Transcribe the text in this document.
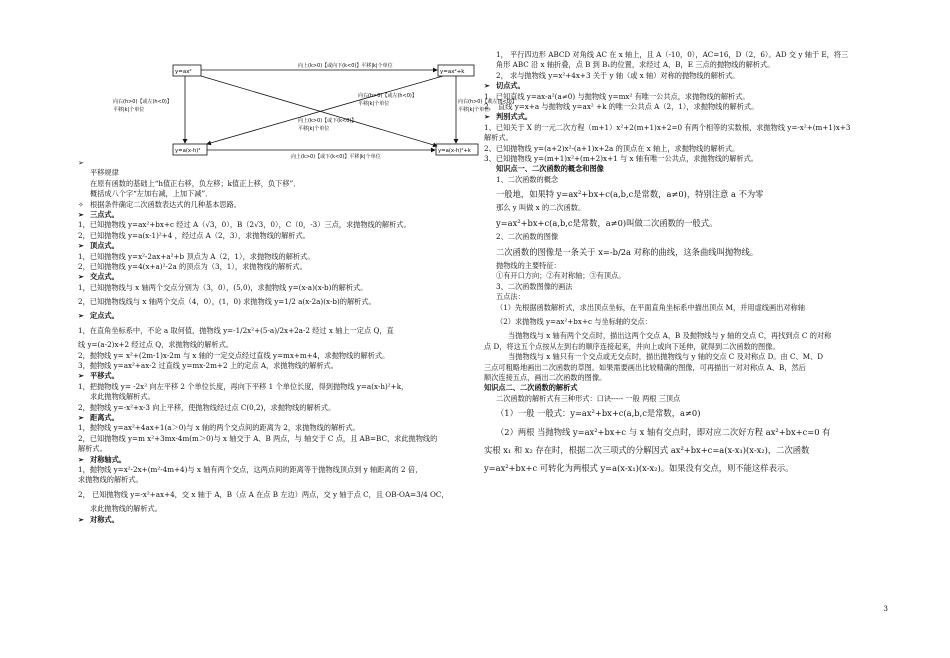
y=ax²	y=ax²+k
y=a(x-h)²	y=a(x-h)²+k
向上(k>0)【或向下(k<0)】平移|k|个单位
向右(h>0)【或左(h<0)】
平移|k|个单位
向右(h>0)【或左(h<0)】
平移|k|个单位
向上(k>0)【或下(k<0)】
平移|k|个单位
向右(h>0)【或左(h<0)】
平移|k|个单位
向上(k>0)【或下(k<0)】平移|k|个单位
➢
平移规律
在原有函数的基础上“h值正右移，负左移；k值正上移，负下移”．
概括成八个字“左加右减，上加下减”．
✧ 根据条件确定二次函数表达式的几种基本思路。
➢ 三点式。
1，已知抛物线 y=ax²+bx+c 经过 A（√3，0），B（2√3，0），C（0，-3）三点，求抛物线的解析式。
2，已知抛物线 y=a(x-1)²+4 ，经过点 A（2，3），求抛物线的解析式。
➢ 顶点式。
1，已知抛物线 y=x²-2ax+a²+b 顶点为 A（2，1），求抛物线的解析式。
2，已知抛物线 y=4(x+a)²-2a 的顶点为（3，1），求抛物线的解析式。
➢ 交点式。
1，已知抛物线与 x 轴两个交点分别为（3，0），(5,0)，求抛物线 y=(x-a)(x-b)的解析式。
2，已知抛物线线与 x 轴两个交点（4，0），(1，0) 求抛物线 y=1/2 a(x-2a)(x-b)的解析式。
➢ 定点式。
1，在直角坐标系中，不论 a 取何值，抛物线 y=-1/2x²+(5-a)/2x+2a-2 经过 x 轴上一定点 Q，直
线 y=(a-2)x+2 经过点 Q，求抛物线的解析式。
2，抛物线 y= x²+(2m-1)x-2m 与 x 轴的一定交点经过直线 y=mx+m+4，求抛物线的解析式。
3，抛物线 y=ax²+ax-2 过直线 y=mx-2m+2 上的定点 A，求抛物线的解析式。
➢ 平移式。
1，把抛物线 y= -2x² 向左平移 2 个单位长度，再向下平移 1 个单位长度，得到抛物线 y=a(x-h)²+k，
求此抛物线解析式。
2，抛物线 y=-x²+x-3 向上平移，使抛物线经过点 C(0,2)，求抛物线的解析式。
➢ 距离式。
1，抛物线 y=ax²+4ax+1(a＞0)与 x 轴的两个交点间的距离为 2，求抛物线的解析式。
2，已知抛物线 y=m x²+3mx-4m(m＞0)与 x 轴交于 A、B 两点，与 轴交于 C 点，且 AB=BC，求此抛物线的
解析式。
➢ 对称轴式。
1，抛物线 y=x²-2x+(m²-4m+4)与 x 轴有两个交点，这两点间的距离等于抛物线顶点到 y 轴距离的 2 倍，
求抛物线的解析式。
2， 已知抛物线 y=-x²+ax+4，交 x 轴于 A，B（点 A 在点 B 左边）两点，交 y 轴于点 C，且 OB-OA=3/4 OC，
求此抛物线的解析式。
➢ 对称式。
1， 平行四边形 ABCD 对角线 AC 在 x 轴上，且 A（-10，0），AC=16，D（2，6）。AD 交 y 轴于 E，将三
角形 ABC 沿 x 轴折叠，点 B 到 B₁的位置，求经过 A，B，E 三点的抛物线的解析式。
2， 求与抛物线 y=x²+4x+3 关于 y 轴（或 x 轴）对称的抛物线的解析式。
➢ 切点式。
1，已知直线 y=ax-a²(a≠0) 与抛物线 y=mx² 有唯一公共点，求抛物线的解析式。
2， 直线 y=x+a 与抛物线 y=ax² +k 的唯一公共点 A（2，1），求抛物线的解析式。
➢ 判别式式。
1、已知关于 X 的一元二次方程（m+1）x²+2(m+1)x+2=0 有两个相等的实数根，求抛物线 y=-x²+(m+1)x+3
解析式。
2、已知抛物线 y=(a+2)x²-(a+1)x+2a 的顶点在 x 轴上，求抛物线的解析式。
3、已知抛物线 y=(m+1)x²+(m+2)x+1 与 x 轴有唯一公共点，求抛物线的解析式。
知识点一、二次函数的概念和图像
1、二次函数的概念
一般地，如果特 y=ax²+bx+c(a,b,c是常数，a≠0)，特别注意 a 不为零
那么 y 叫做 x 的二次函数。
y=ax²+bx+c(a,b,c是常数，a≠0)叫做二次函数的一般式。
2、二次函数的图像
二次函数的图像是一条关于 x=-b/2a 对称的曲线，这条曲线叫抛物线。
抛物线的主要特征：
①有开口方向；②有对称轴；③有顶点。
3、二次函数图像的画法
五点法：
（1）先根据函数解析式，求出顶点坐标，在平面直角坐标系中描出顶点 M，并用虚线画出对称轴
（2）求抛物线 y=ax²+bx+c 与坐标轴的交点：
当抛物线与 x 轴有两个交点时，描出这两个交点 A，B 及抛物线与 y 轴的交点 C，再找到点 C 的对称
点 D，将这五个点按从左到右的顺序连接起来，并向上或向下延伸，就得到二次函数的图像。
当抛物线与 x 轴只有一个交点或无交点时，描出抛物线与 y 轴的交点 C 及对称点 D。由 C、M、D
三点可粗略地画出二次函数的草图。如果需要画出比较精确的图像，可再描出一对对称点 A、B，然后
顺次连接五点，画出二次函数的图像。
知识点二、二次函数的解析式
二次函数的解析式有三种形式：口诀----- 一般 两根 三顶点
（1）一般 一般式：y=ax²+bx+c(a,b,c是常数，a≠0)
（2）两根 当抛物线 y=ax²+bx+c 与 x 轴有交点时，即对应二次好方程 ax²+bx+c=0 有
实根 x₁ 和 x₂ 存在时，根据二次三项式的分解因式 ax²+bx+c=a(x-x₁)(x-x₂)，二次函数
y=ax²+bx+c 可转化为两根式 y=a(x-x₁)(x-x₂)。如果没有交点，则不能这样表示。
3
